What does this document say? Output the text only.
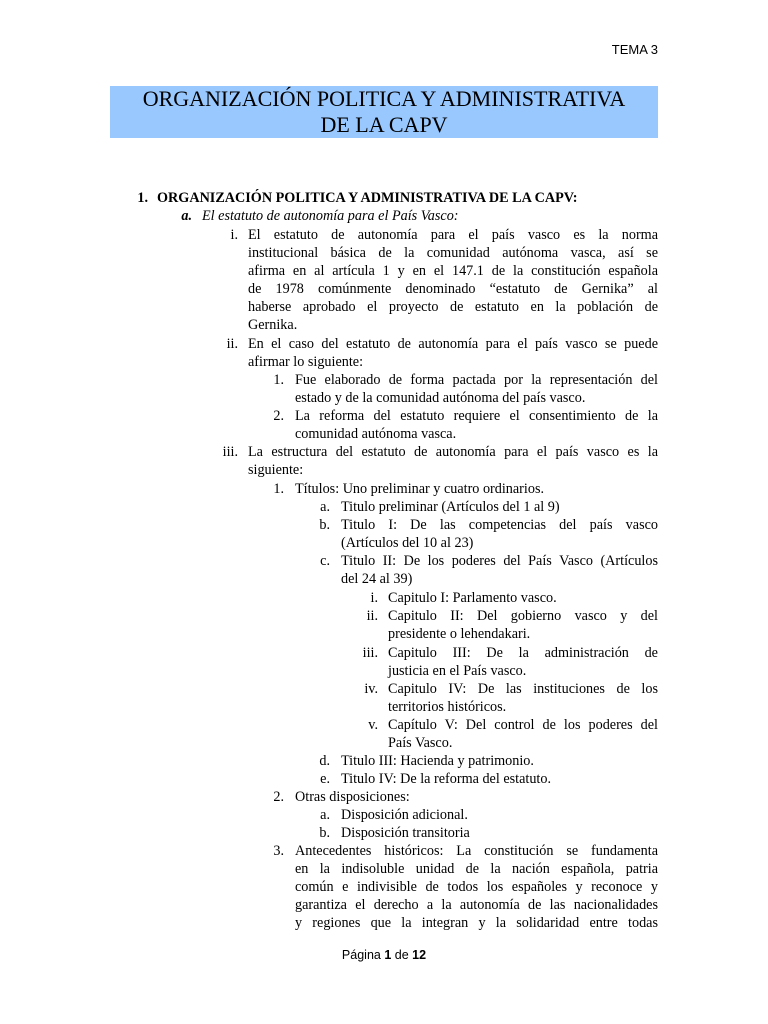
TEMA 3
ORGANIZACIÓN POLITICA Y ADMINISTRATIVA
DE LA CAPV
1. ORGANIZACIÓN POLITICA Y ADMINISTRATIVA DE LA CAPV:
a. El estatuto de autonomía para el País Vasco:
i. El estatuto de autonomía para el país vasco es la norma
institucional básica de la comunidad autónoma vasca, así se
afirma en al artícula 1 y en el 147.1 de la constitución española
de 1978 comúnmente denominado “estatuto de Gernika” al
haberse aprobado el proyecto de estatuto en la población de
Gernika.
ii. En el caso del estatuto de autonomía para el país vasco se puede
afirmar lo siguiente:
1. Fue elaborado de forma pactada por la representación del
estado y de la comunidad autónoma del país vasco.
2. La reforma del estatuto requiere el consentimiento de la
comunidad autónoma vasca.
iii. La estructura del estatuto de autonomía para el país vasco es la
siguiente:
1. Títulos: Uno preliminar y cuatro ordinarios.
a. Titulo preliminar (Artículos del 1 al 9)
b. Titulo I: De las competencias del país vasco
(Artículos del 10 al 23)
c. Titulo II: De los poderes del País Vasco (Artículos
del 24 al 39)
i. Capitulo I: Parlamento vasco.
ii. Capitulo II: Del gobierno vasco y del
presidente o lehendakari.
iii. Capitulo III: De la administración de
justicia en el País vasco.
iv. Capitulo IV: De las instituciones de los
territorios históricos.
v. Capítulo V: Del control de los poderes del
País Vasco.
d. Titulo III: Hacienda y patrimonio.
e. Titulo IV: De la reforma del estatuto.
2. Otras disposiciones:
a. Disposición adicional.
b. Disposición transitoria
3. Antecedentes históricos: La constitución se fundamenta
en la indisoluble unidad de la nación española, patria
común e indivisible de todos los españoles y reconoce y
garantiza el derecho a la autonomía de las nacionalidades
y regiones que la integran y la solidaridad entre todas
Página 1 de 12
